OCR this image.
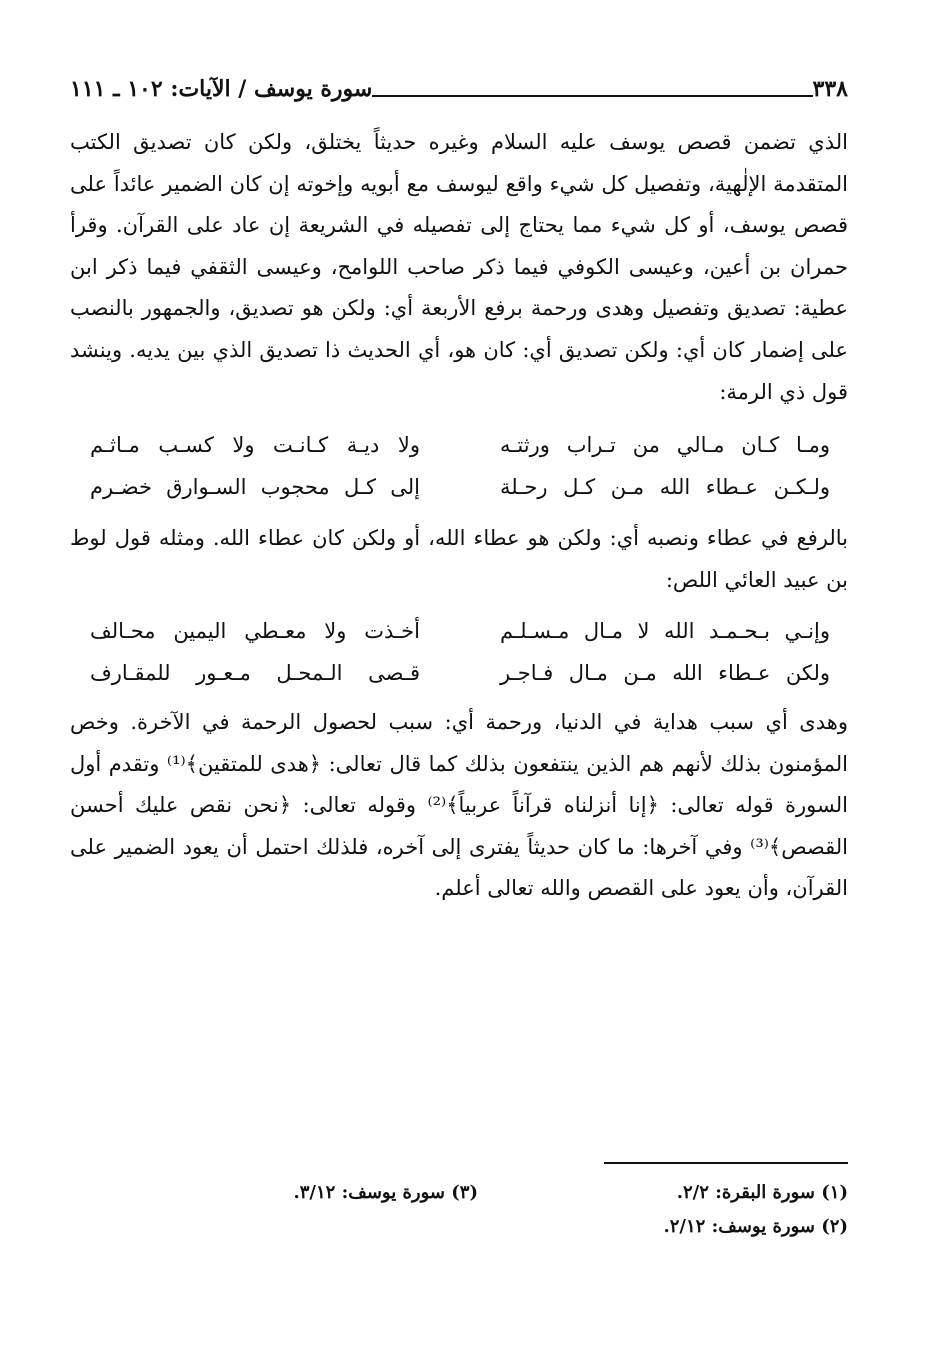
٣٣٨
سورة يوسف / الآيات: ١٠٢ ـ ١١١

الذي تضمن قصص يوسف عليه السلام وغيره حديثاً يختلق، ولكن كان تصديق الكتب المتقدمة الإلٰهية، وتفصيل كل شيء واقع ليوسف مع أبويه وإخوته إن كان الضمير عائداً على قصص يوسف، أو كل شيء مما يحتاج إلى تفصيله في الشريعة إن عاد على القرآن. وقرأ حمران بن أعين، وعيسى الكوفي فيما ذكر صاحب اللوامح، وعيسى الثقفي فيما ذكر ابن عطية: تصديق وتفصيل وهدى ورحمة برفع الأربعة أي: ولكن هو تصديق، والجمهور بالنصب على إضمار كان أي: ولكن تصديق أي: كان هو، أي الحديث ذا تصديق الذي بين يديه. وينشد قول ذي الرمة:

ومـا كـان مـالي من تـراب ورثتـه
ولا ديـة كـانـت ولا كسـب مـاثـم
ولـكـن عـطاء الله مـن كـل رحـلة
إلى كـل محجوب السـوارق خضـرم

بالرفع في عطاء ونصبه أي: ولكن هو عطاء الله، أو ولكن كان عطاء الله. ومثله قول لوط بن عبيد العائي اللص:

وإنـي بـحـمـد الله لا مـال مـسـلـم
أخـذت ولا معـطي اليمين محـالف
ولكن عـطاء الله مـن مـال فـاجـر
قـصى الـمحـل مـعـور للمقـارف

وهدى أي سبب هداية في الدنيا، ورحمة أي: سبب لحصول الرحمة في الآخرة. وخص المؤمنون بذلك لأنهم هم الذين ينتفعون بذلك كما قال تعالى: ﴿هدى للمتقين﴾⁽¹⁾ وتقدم أول السورة قوله تعالى: ﴿إنا أنزلناه قرآناً عربياً﴾⁽²⁾ وقوله تعالى: ﴿نحن نقص عليك أحسن القصص﴾⁽³⁾ وفي آخرها: ما كان حديثاً يفترى إلى آخره، فلذلك احتمل أن يعود الضمير على القرآن، وأن يعود على القصص والله تعالى أعلم.

(١) سورة البقرة: ٢/٢.
(٣) سورة يوسف: ٣/١٢.
(٢) سورة يوسف: ٢/١٢.
